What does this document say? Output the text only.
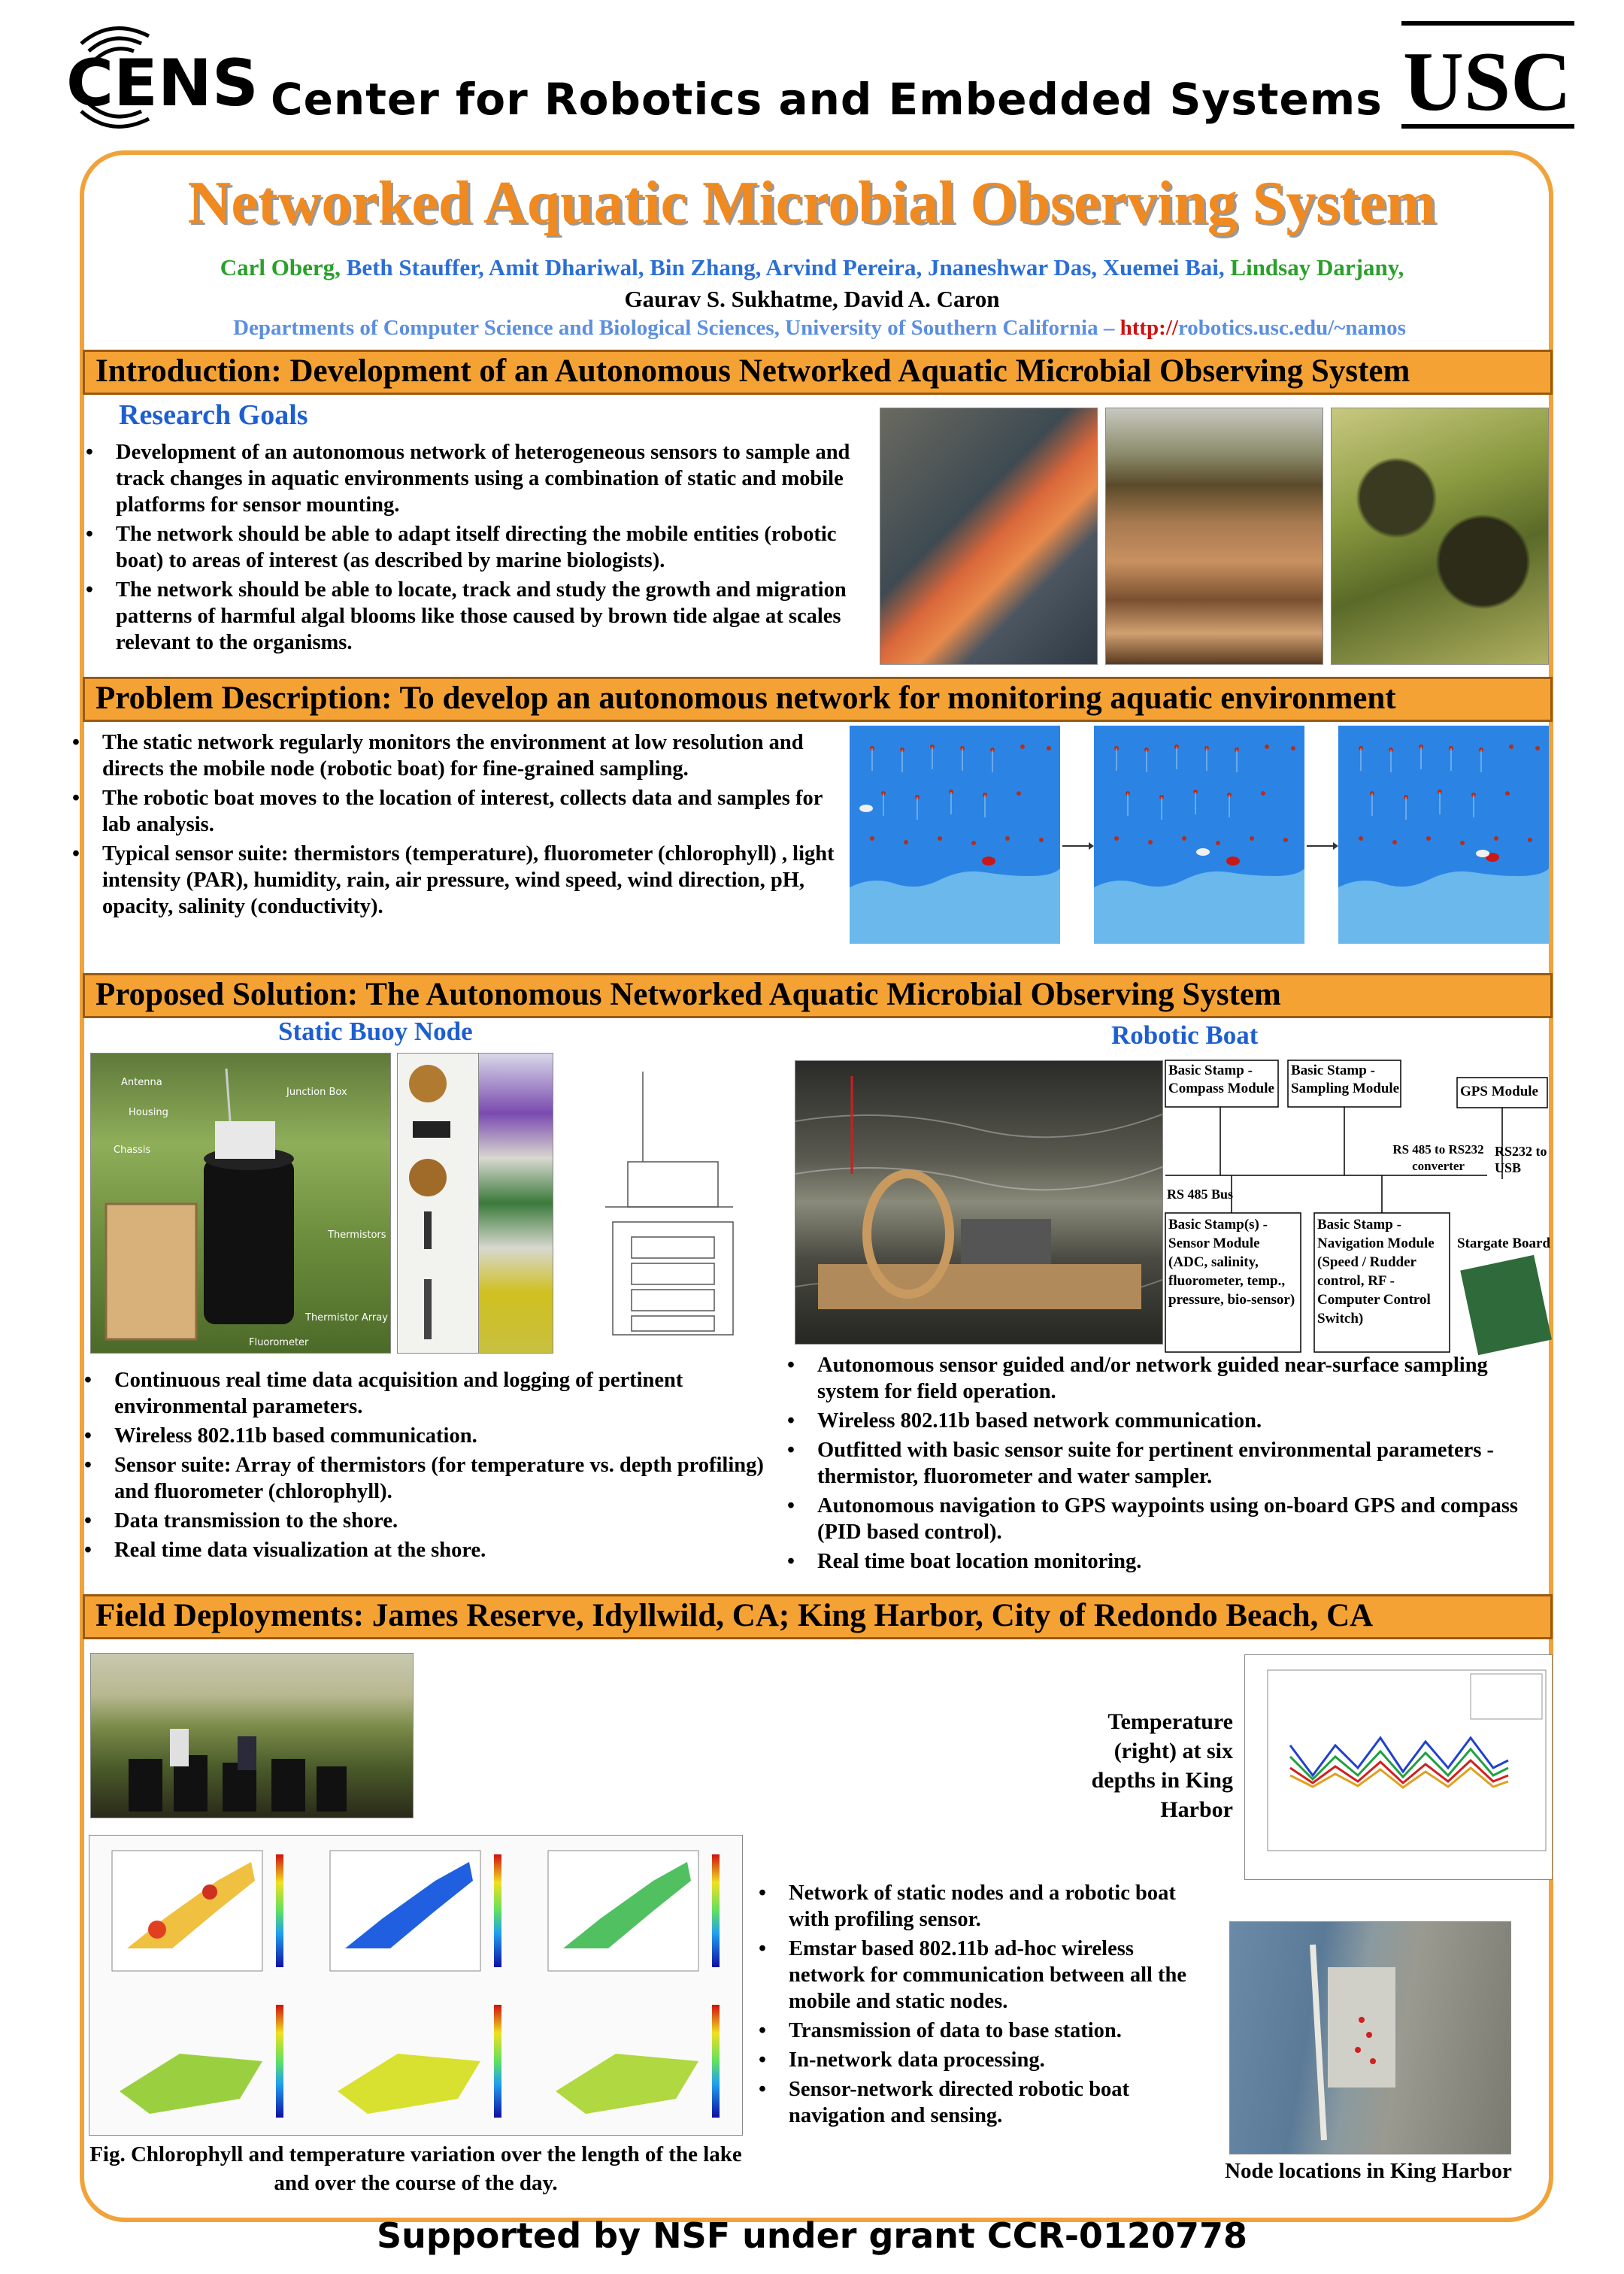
CENS Center for Robotics and Embedded Systems USC
Networked Aquatic Microbial Observing System
Carl Oberg, Beth Stauffer, Amit Dhariwal, Bin Zhang, Arvind Pereira, Jnaneshwar Das, Xuemei Bai, Lindsay Darjany,
Gaurav S. Sukhatme, David A. Caron
Departments of Computer Science and Biological Sciences, University of Southern California – http://robotics.usc.edu/~namos
Introduction: Development of an Autonomous Networked Aquatic Microbial Observing System
Research Goals
• Development of an autonomous network of heterogeneous sensors to sample and track changes in aquatic environments using a combination of static and mobile platforms for sensor mounting.
• The network should be able to adapt itself directing the mobile entities (robotic boat) to areas of interest (as described by marine biologists).
• The network should be able to locate, track and study the growth and migration patterns of harmful algal blooms like those caused by brown tide algae at scales relevant to the organisms.
Problem Description: To develop an autonomous network for monitoring aquatic environment
• The static network regularly monitors the environment at low resolution and directs the mobile node (robotic boat) for fine-grained sampling.
• The robotic boat moves to the location of interest, collects data and samples for lab analysis.
• Typical sensor suite: thermistors (temperature), fluorometer (chlorophyll) , light intensity (PAR), humidity, rain, air pressure, wind speed, wind direction, pH, opacity, salinity (conductivity).
Proposed Solution: The Autonomous Networked Aquatic Microbial Observing System
Static Buoy Node	Robotic Boat
Antenna
Junction Box
Housing
Chassis
Thermistors
Thermistor Array
Fluorometer
Basic Stamp - Compass Module
Basic Stamp - Sampling Module	GPS Module
RS 485 Bus
RS 485 to RS232 converter
RS232 to USB
Basic Stamp(s) - Sensor Module (ADC, salinity, fluorometer, temp., pressure, bio-sensor)
Basic Stamp - Navigation Module (Speed / Rudder control, RF - Computer Control Switch)
Stargate Board
• Continuous real time data acquisition and logging of pertinent environmental parameters.
• Wireless 802.11b based communication.
• Sensor suite: Array of thermistors (for temperature vs. depth profiling) and fluorometer (chlorophyll).
• Data transmission to the shore.
• Real time data visualization at the shore.
• Autonomous sensor guided and/or network guided near-surface sampling system for field operation.
• Wireless 802.11b based network communication.
• Outfitted with basic sensor suite for pertinent environmental parameters - thermistor, fluorometer and water sampler.
• Autonomous navigation to GPS waypoints using on-board GPS and compass (PID based control).
• Real time boat location monitoring.
Field Deployments: James Reserve, Idyllwild, CA; King Harbor, City of Redondo Beach, CA
Fig. Chlorophyll and temperature variation over the length of the lake and over the course of the day.
Temperature (right) at six depths in King Harbor
• Network of static nodes and a robotic boat with profiling sensor.
• Emstar based 802.11b ad-hoc wireless network for communication between all the mobile and static nodes.
• Transmission of data to base station.
• In-network data processing.
• Sensor-network directed robotic boat navigation and sensing.
Node locations in King Harbor
Supported by NSF under grant CCR-0120778
